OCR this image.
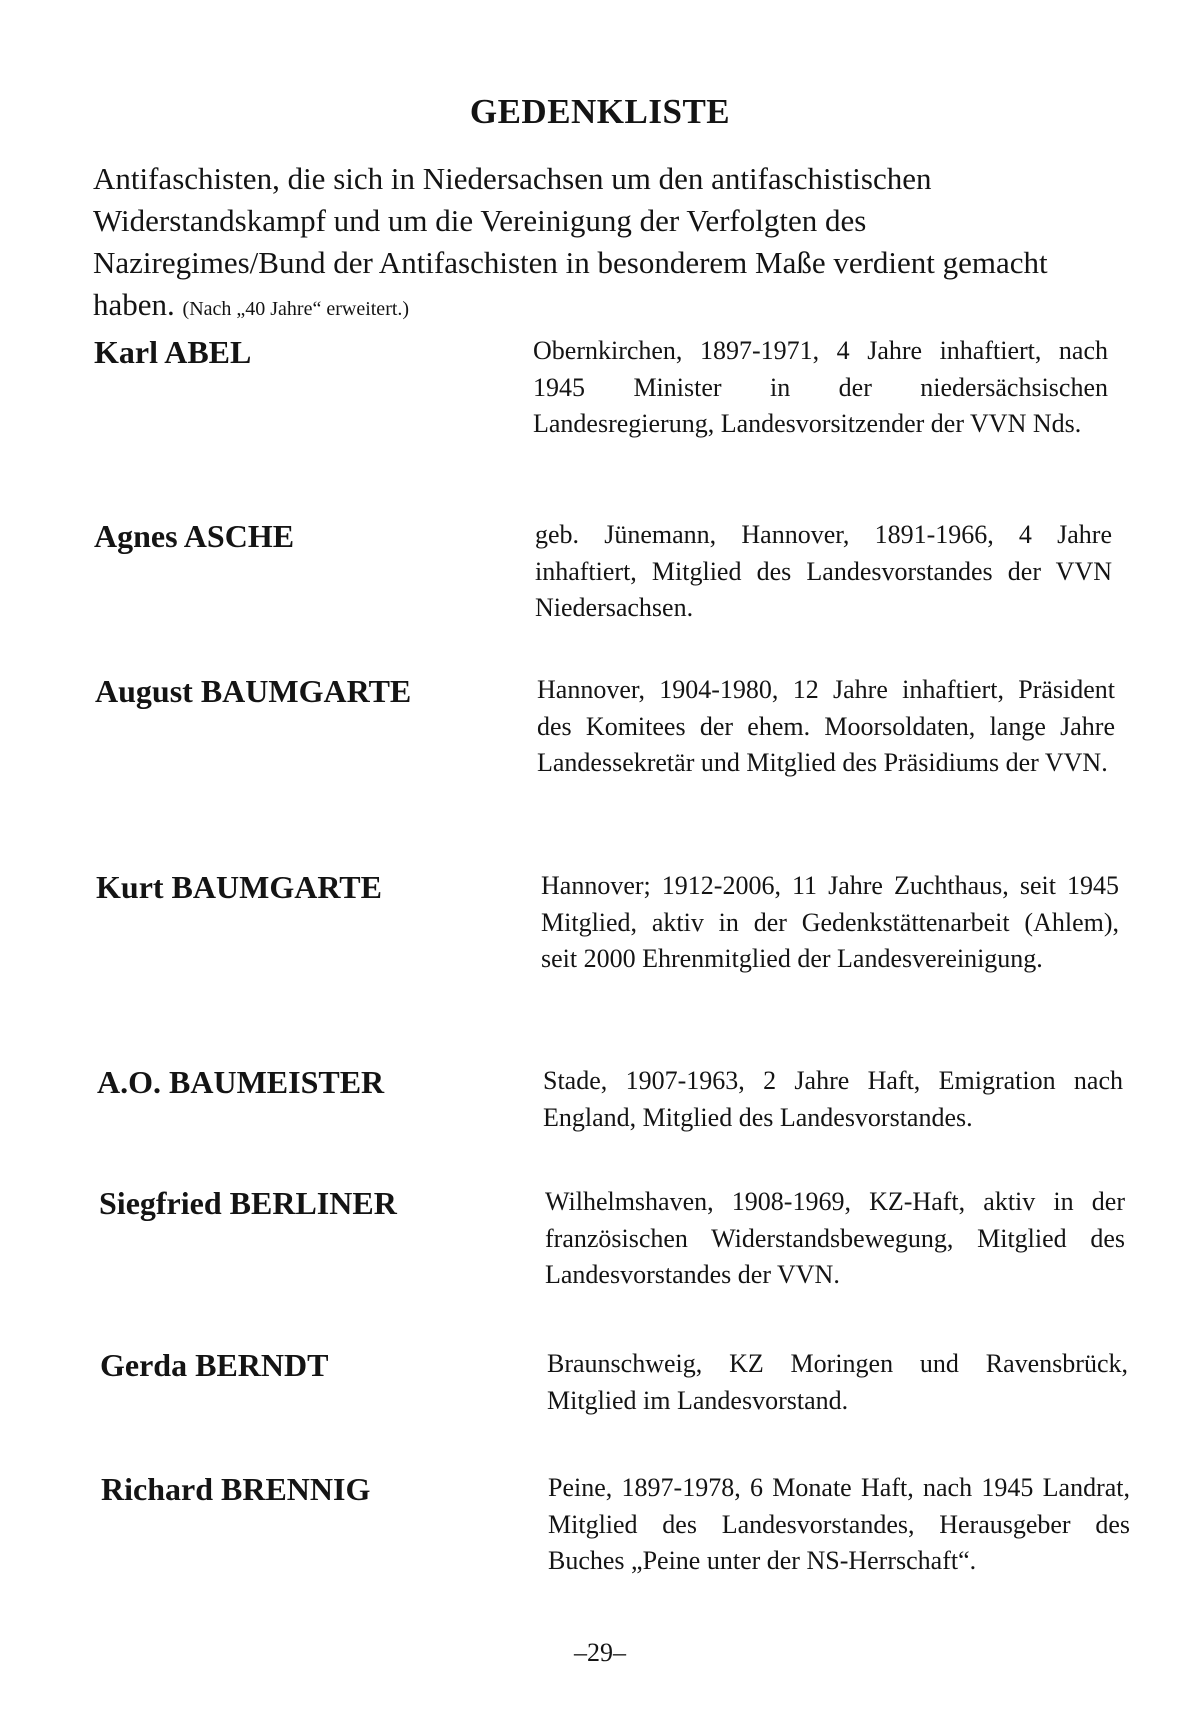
GEDENKLISTE
Antifaschisten, die sich in Niedersachsen um den antifaschistischen Widerstandskampf und um die Vereinigung der Verfolgten des Naziregimes/Bund der Antifaschisten in besonderem Maße verdient gemacht haben. (Nach „40 Jahre“ erweitert.)
Karl ABEL	Obernkirchen, 1897-1971, 4 Jahre inhaftiert, nach 1945 Minister in der niedersächsischen Landesregierung, Landesvorsitzender der VVN Nds.
Agnes ASCHE	geb. Jünemann, Hannover, 1891-1966, 4 Jahre inhaftiert, Mitglied des Landesvorstandes der VVN Niedersachsen.
August BAUMGARTE	Hannover, 1904-1980, 12 Jahre inhaftiert, Präsident des Komitees der ehem. Moorsoldaten, lange Jahre Landessekretär und Mitglied des Präsidiums der VVN.
Kurt BAUMGARTE	Hannover; 1912-2006, 11 Jahre Zuchthaus, seit 1945 Mitglied, aktiv in der Gedenkstättenarbeit (Ahlem), seit 2000 Ehrenmitglied der Landesvereinigung.
A.O. BAUMEISTER	Stade, 1907-1963, 2 Jahre Haft, Emigration nach England, Mitglied des Landesvorstandes.
Siegfried BERLINER	Wilhelmshaven, 1908-1969, KZ-Haft, aktiv in der französischen Widerstandsbewegung, Mitglied des Landesvorstandes der VVN.
Gerda BERNDT	Braunschweig, KZ Moringen und Ravensbrück, Mitglied im Landesvorstand.
Richard BRENNIG	Peine, 1897-1978, 6 Monate Haft, nach 1945 Landrat, Mitglied des Landesvorstandes, Herausgeber des Buches „Peine unter der NS-Herrschaft“.
–29–
